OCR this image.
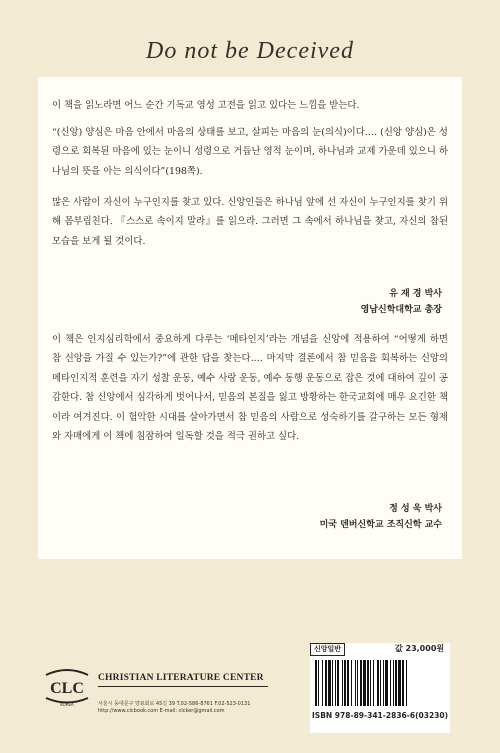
Do not be Deceived

이 책을 읽노라면 어느 순간 기독교 영성 고전을 읽고 있다는 느낌을 받는다.

“(신앙) 양심은 마음 안에서 마음의 상태를 보고, 살피는 마음의 눈(의식)이다.… (신앙 양심)은 성령으로 회복된 마음에 있는 눈이니 성령으로 거듭난 영적 눈이며, 하나님과 교제 가운데 있으니 하나님의 뜻을 아는 의식이다”(198쪽).

많은 사람이 자신이 누구인지를 찾고 있다. 신앙인들은 하나님 앞에 선 자신이 누구인지를 찾기 위해 몸부림친다. 『스스로 속이지 말라』를 읽으라. 그러면 그 속에서 하나님을 찾고, 자신의 참된 모습을 보게 될 것이다.

유 재 경 박사
영남신학대학교 총장

이 책은 인지심리학에서 중요하게 다루는 ‘메타인지’라는 개념을 신앙에 적용하여 “어떻게 하면 참 신앙을 가질 수 있는가?”에 관한 답을 찾는다.… 마지막 결론에서 참 믿음을 회복하는 신앙의 메타인지적 훈련을 자기 성찰 운동, 예수 사랑 운동, 예수 동행 운동으로 잡은 것에 대하여 깊이 공감한다. 참 신앙에서 심각하게 벗어나서, 믿음의 본질을 잃고 방황하는 한국교회에 매우 요긴한 책이라 여겨진다. 이 험악한 시대를 살아가면서 참 믿음의 사람으로 성숙하기를 갈구하는 모든 형제와 자매에게 이 책에 침잠하여 일독할 것을 적극 권하고 싶다.

정 성 욱 박사
미국 덴버신학교 조직신학 교수
CLC
KOREA
CHRISTIAN LITERATURE CENTER
서울시 동대문구 양표회로 45길 39 T.02-586-8761 F.02-523-0131
http://www.clcbook.com E-mail: clcker@gmail.com
신앙일반	값 23,000원
ISBN 978-89-341-2836-6(03230)
